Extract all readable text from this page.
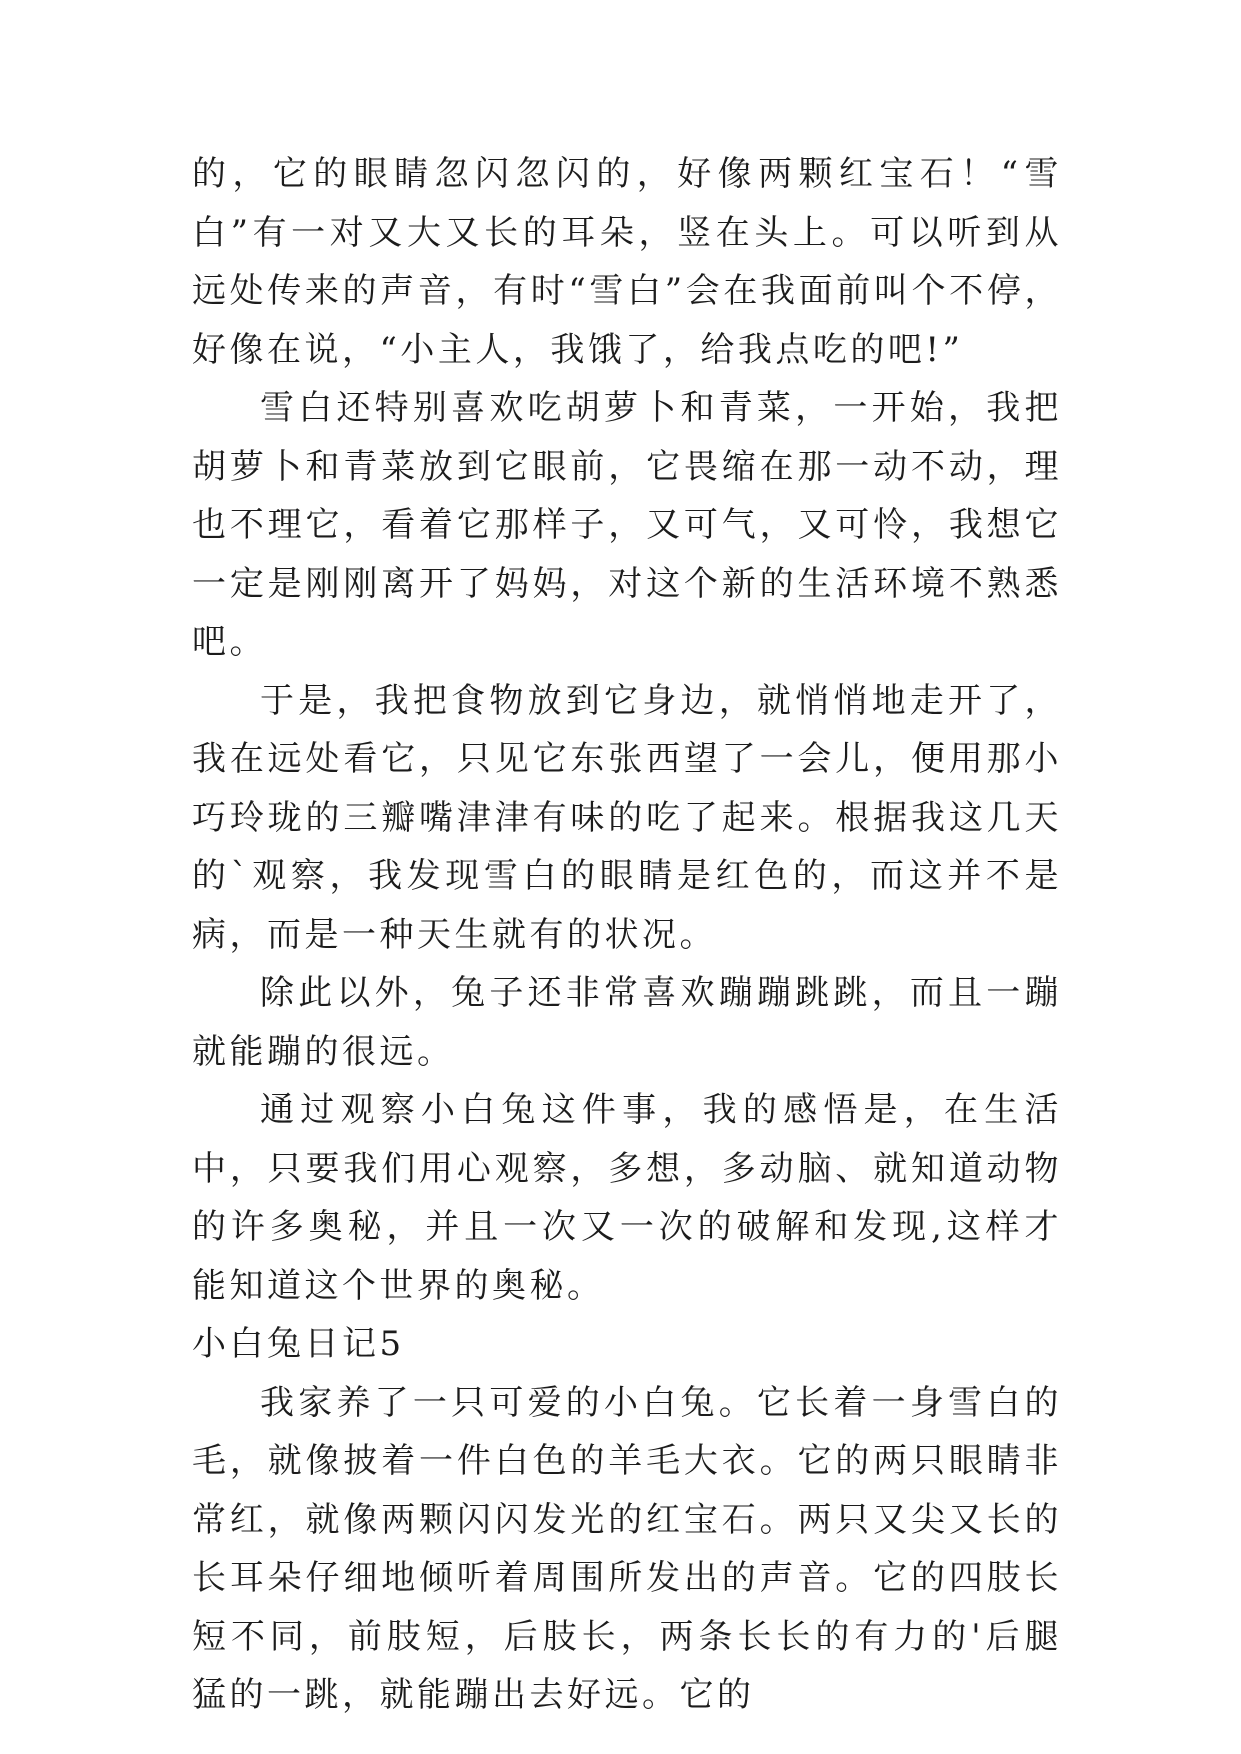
的，它的眼睛忽闪忽闪的，好像两颗红宝石！“雪白”有一对又大又长的耳朵，竖在头上。可以听到从远处传来的声音，有时“雪白”会在我面前叫个不停，好像在说，“小主人，我饿了，给我点吃的吧!”

雪白还特别喜欢吃胡萝卜和青菜，一开始，我把胡萝卜和青菜放到它眼前，它畏缩在那一动不动，理也不理它，看着它那样子，又可气，又可怜，我想它一定是刚刚离开了妈妈，对这个新的生活环境不熟悉吧。

于是，我把食物放到它身边，就悄悄地走开了，我在远处看它，只见它东张西望了一会儿，便用那小巧玲珑的三瓣嘴津津有味的吃了起来。根据我这几天的`观察，我发现雪白的眼睛是红色的，而这并不是病，而是一种天生就有的状况。

除此以外，兔子还非常喜欢蹦蹦跳跳，而且一蹦就能蹦的很远。

通过观察小白兔这件事，我的感悟是，在生活中，只要我们用心观察，多想，多动脑、就知道动物的许多奥秘，并且一次又一次的破解和发现,这样才能知道这个世界的奥秘。

小白兔日记5

我家养了一只可爱的小白兔。它长着一身雪白的毛，就像披着一件白色的羊毛大衣。它的两只眼睛非常红，就像两颗闪闪发光的红宝石。两只又尖又长的长耳朵仔细地倾听着周围所发出的声音。它的四肢长短不同，前肢短，后肢长，两条长长的有力的'后腿猛的一跳，就能蹦出去好远。它的
